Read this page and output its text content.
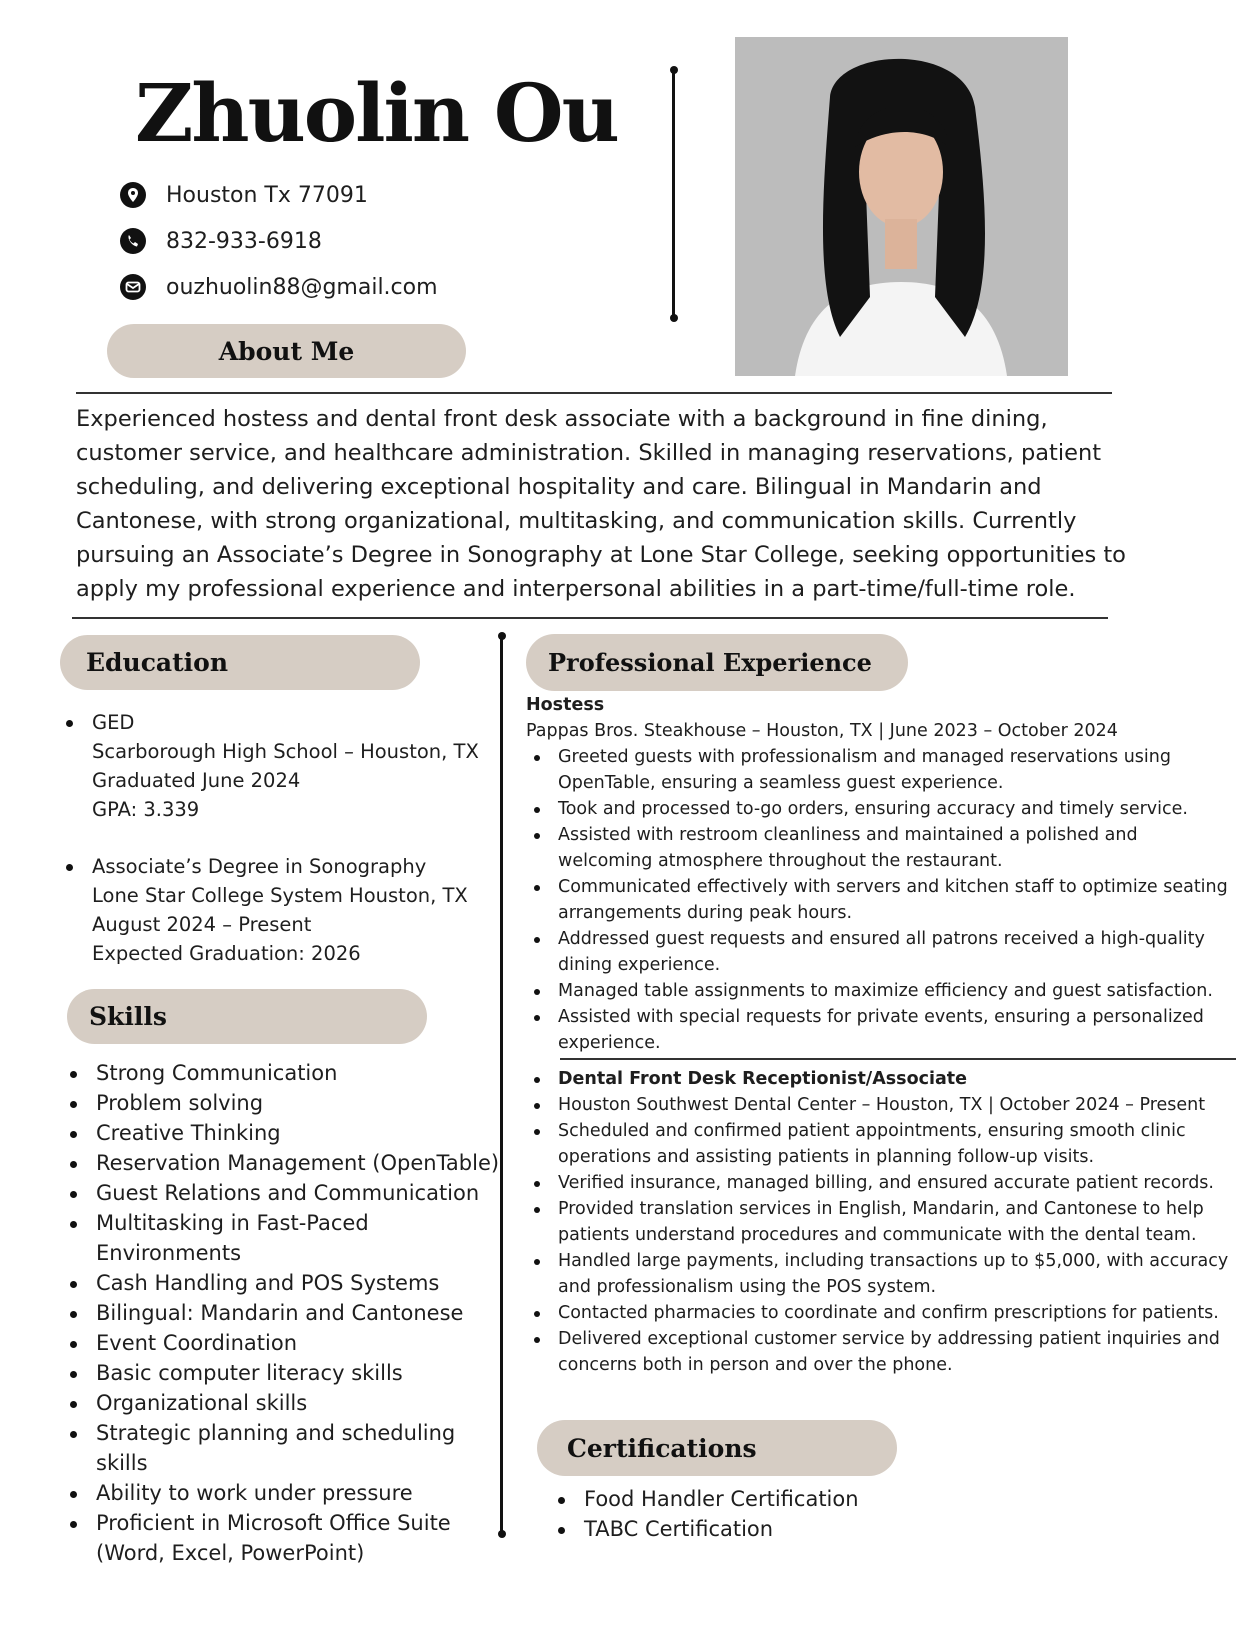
Zhuolin Ou
Houston Tx 77091
832-933-6918
ouzhuolin88@gmail.com
About Me
Experienced hostess and dental front desk associate with a background in fine dining, customer service, and healthcare administration. Skilled in managing reservations, patient scheduling, and delivering exceptional hospitality and care. Bilingual in Mandarin and Cantonese, with strong organizational, multitasking, and communication skills. Currently pursuing an Associate’s Degree in Sonography at Lone Star College, seeking opportunities to apply my professional experience and interpersonal abilities in a part-time/full-time role.
Education
GED
Scarborough High School – Houston, TX
Graduated June 2024
GPA: 3.339
Associate’s Degree in Sonography
Lone Star College System Houston, TX
August 2024 – Present
Expected Graduation: 2026
Skills
Strong Communication
Problem solving
Creative Thinking
Reservation Management (OpenTable)
Guest Relations and Communication
Multitasking in Fast-Paced Environments
Cash Handling and POS Systems
Bilingual: Mandarin and Cantonese
Event Coordination
Basic computer literacy skills
Organizational skills
Strategic planning and scheduling skills
Ability to work under pressure
Proficient in Microsoft Office Suite (Word, Excel, PowerPoint)
Professional Experience
Hostess
Pappas Bros. Steakhouse – Houston, TX | June 2023 – October 2024
Greeted guests with professionalism and managed reservations using OpenTable, ensuring a seamless guest experience.
Took and processed to-go orders, ensuring accuracy and timely service.
Assisted with restroom cleanliness and maintained a polished and welcoming atmosphere throughout the restaurant.
Communicated effectively with servers and kitchen staff to optimize seating arrangements during peak hours.
Addressed guest requests and ensured all patrons received a high-quality dining experience.
Managed table assignments to maximize efficiency and guest satisfaction.
Assisted with special requests for private events, ensuring a personalized experience.
Dental Front Desk Receptionist/Associate
Houston Southwest Dental Center – Houston, TX | October 2024 – Present
Scheduled and confirmed patient appointments, ensuring smooth clinic operations and assisting patients in planning follow-up visits.
Verified insurance, managed billing, and ensured accurate patient records.
Provided translation services in English, Mandarin, and Cantonese to help patients understand procedures and communicate with the dental team.
Handled large payments, including transactions up to $5,000, with accuracy and professionalism using the POS system.
Contacted pharmacies to coordinate and confirm prescriptions for patients.
Delivered exceptional customer service by addressing patient inquiries and concerns both in person and over the phone.
Certifications
Food Handler Certification
TABC Certification
